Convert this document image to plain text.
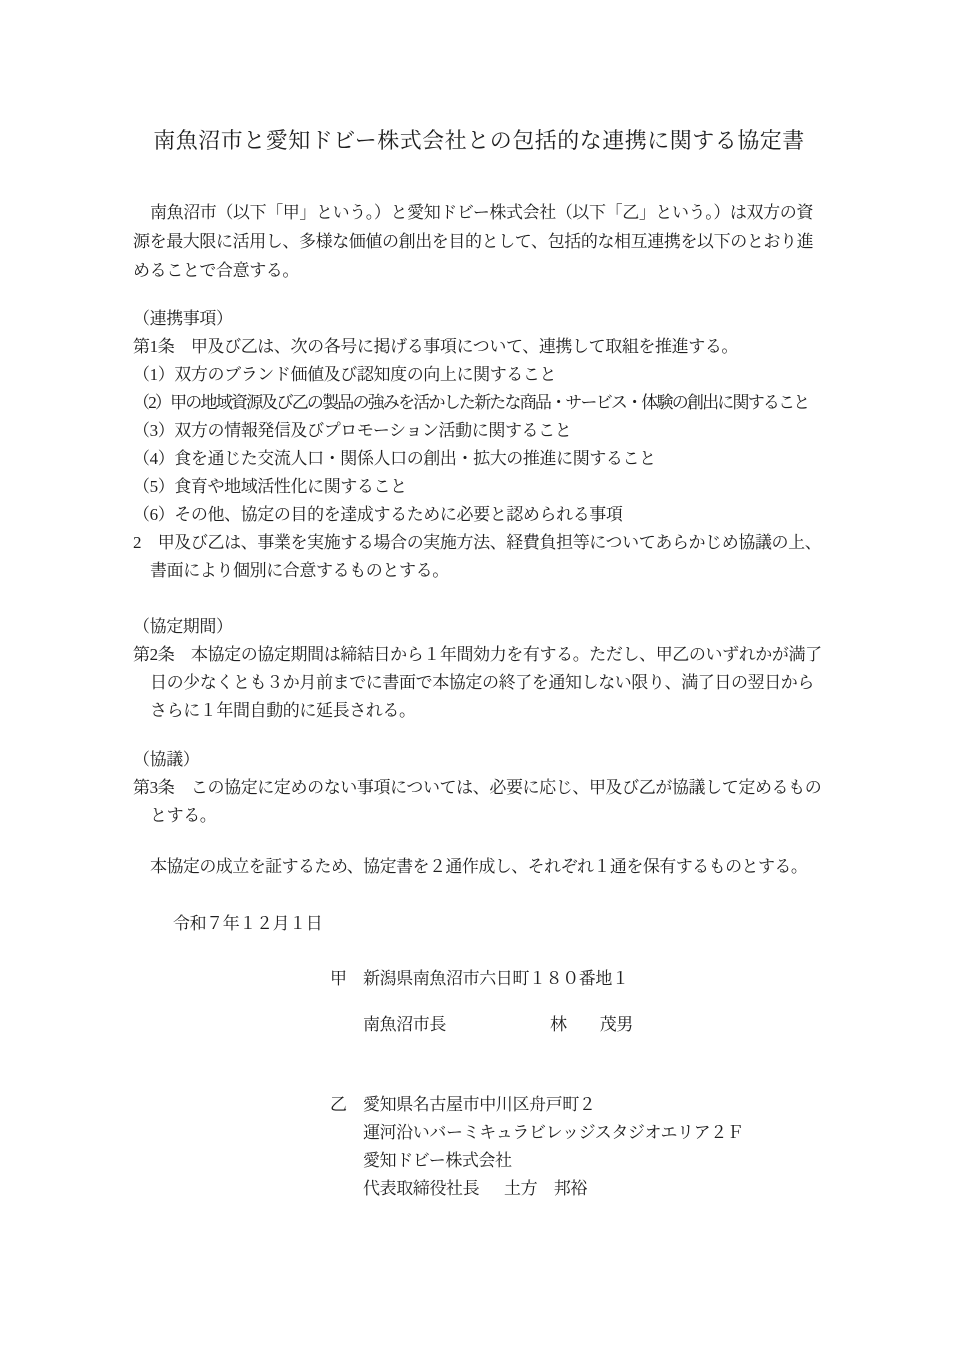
南魚沼市と愛知ドビー株式会社との包括的な連携に関する協定書

南魚沼市（以下「甲」という。）と愛知ドビー株式会社（以下「乙」という。）は双方の資源を最大限に活用し、多様な価値の創出を目的として、包括的な相互連携を以下のとおり進めることで合意する。

（連携事項）
第1条　甲及び乙は、次の各号に掲げる事項について、連携して取組を推進する。
（1）双方のブランド価値及び認知度の向上に関すること
（2）甲の地域資源及び乙の製品の強みを活かした新たな商品・サービス・体験の創出に関すること
（3）双方の情報発信及びプロモーション活動に関すること
（4）食を通じた交流人口・関係人口の創出・拡大の推進に関すること
（5）食育や地域活性化に関すること
（6）その他、協定の目的を達成するために必要と認められる事項
2　甲及び乙は、事業を実施する場合の実施方法、経費負担等についてあらかじめ協議の上、書面により個別に合意するものとする。
（協定期間）
第2条　本協定の協定期間は締結日から１年間効力を有する。ただし、甲乙のいずれかが満了日の少なくとも３か月前までに書面で本協定の終了を通知しない限り、満了日の翌日からさらに１年間自動的に延長される。
（協議）
第3条　この協定に定めのない事項については、必要に応じ、甲及び乙が協議して定めるものとする。

本協定の成立を証するため、協定書を２通作成し、それぞれ１通を保有するものとする。

令和７年１２月１日

甲 新潟県南魚沼市六日町１８０番地１
南魚沼市長	林　　茂男
乙 愛知県名古屋市中川区舟戸町２
運河沿いバーミキュラビレッジスタジオエリア２Ｆ
愛知ドビー株式会社
代表取締役社長 土方　邦裕
